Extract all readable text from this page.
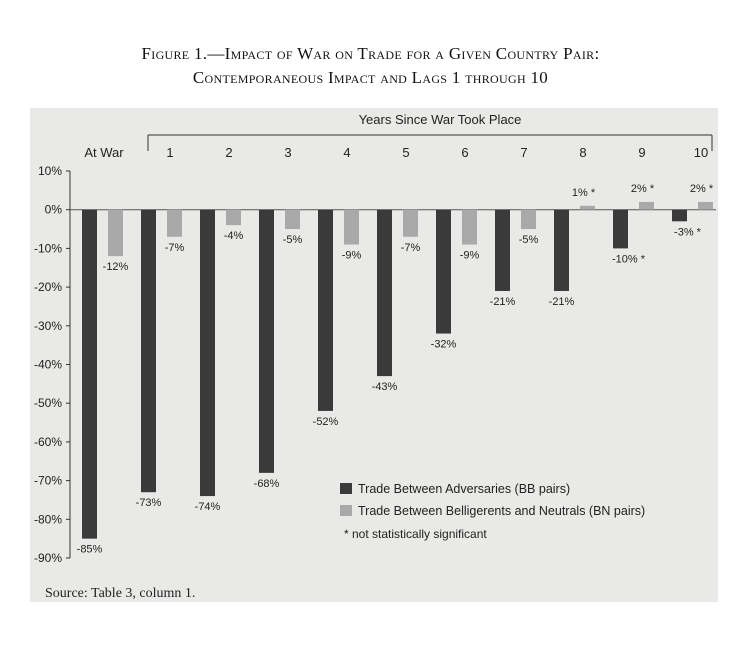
Figure 1.—Impact of War on Trade for a Given Country Pair:
Contemporaneous Impact and Lags 1 through 10
10%
0%
-10%
-20%
-30%
-40%
-50%
-60%
-70%
-80%
-90%
Years Since War Took Place
At War	1	2	3	4	5	6	7	8	9	10
-85%
-12%
-73%
-7%
-74%
-4%
-68%
-5%
-52%
-9%
-43%
-7%
-32%
-9%
-21%
-5%
-21%
1% *
-10% *
2% *
-3% *
2% *
Trade Between Adversaries (BB pairs)
Trade Between Belligerents and Neutrals (BN pairs)
* not statistically significant
Source: Table 3, column 1.
